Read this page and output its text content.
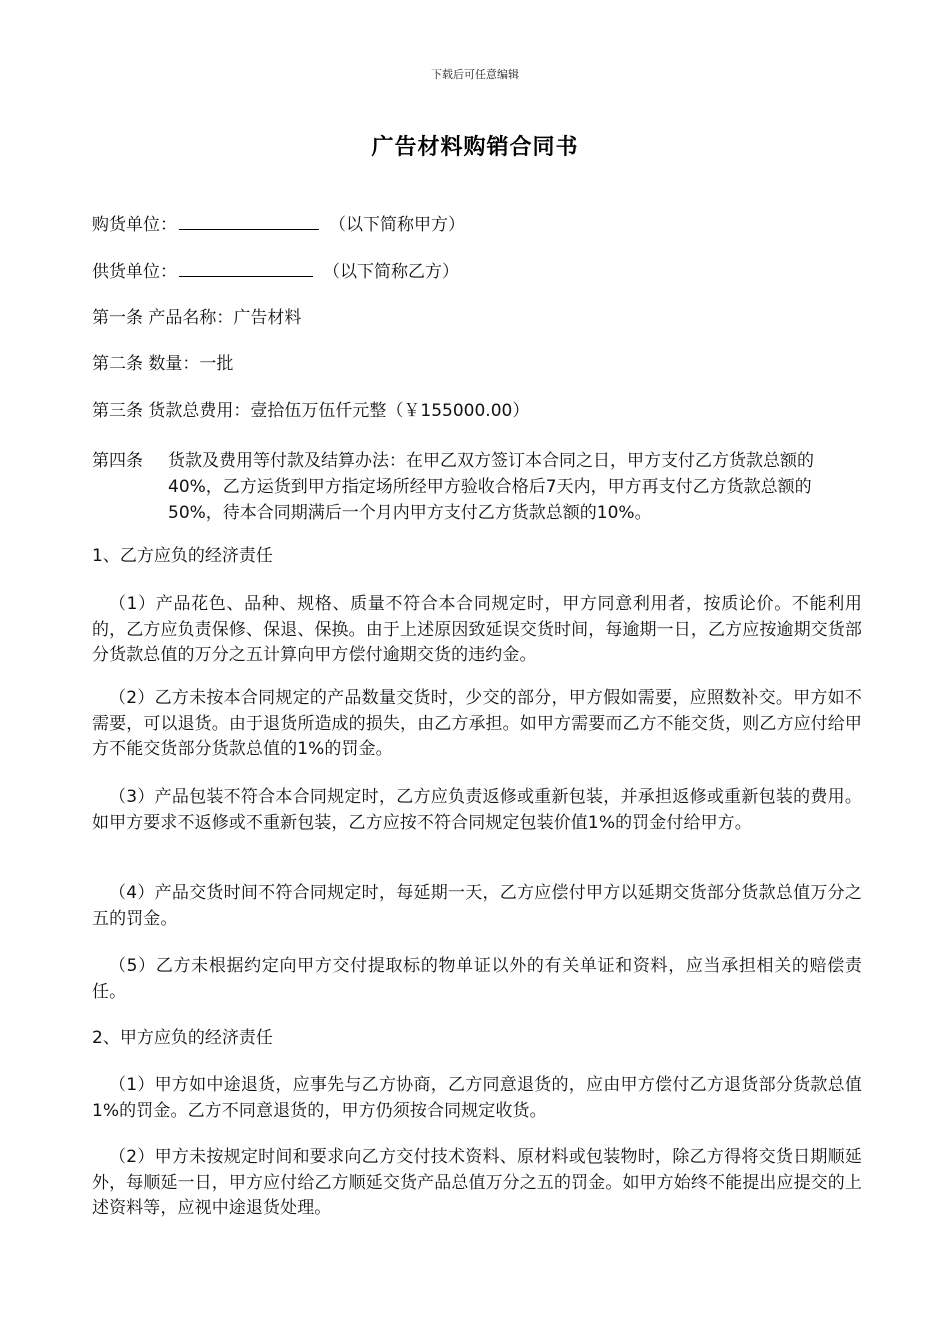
下载后可任意编辑
广告材料购销合同书
购货单位：	（以下简称甲方）
供货单位：	（以下简称乙方）
第一条 产品名称：广告材料
第二条 数量：一批
第三条 货款总费用：壹拾伍万伍仟元整（￥155000.00）
第四条 货款及费用等付款及结算办法：在甲乙双方签订本合同之日，甲方支付乙方货款总额的40%，乙方运货到甲方指定场所经甲方验收合格后7天内，甲方再支付乙方货款总额的50%，待本合同期满后一个月内甲方支付乙方货款总额的10%。
1、乙方应负的经济责任
（1）产品花色、品种、规格、质量不符合本合同规定时，甲方同意利用者，按质论价。不能利用的，乙方应负责保修、保退、保换。由于上述原因致延误交货时间，每逾期一日，乙方应按逾期交货部分货款总值的万分之五计算向甲方偿付逾期交货的违约金。
（2）乙方未按本合同规定的产品数量交货时，少交的部分，甲方假如需要，应照数补交。甲方如不需要，可以退货。由于退货所造成的损失，由乙方承担。如甲方需要而乙方不能交货，则乙方应付给甲方不能交货部分货款总值的1%的罚金。
（3）产品包装不符合本合同规定时，乙方应负责返修或重新包装，并承担返修或重新包装的费用。如甲方要求不返修或不重新包装，乙方应按不符合同规定包装价值1%的罚金付给甲方。
（4）产品交货时间不符合同规定时，每延期一天，乙方应偿付甲方以延期交货部分货款总值万分之五的罚金。
（5）乙方未根据约定向甲方交付提取标的物单证以外的有关单证和资料，应当承担相关的赔偿责任。
2、甲方应负的经济责任
（1）甲方如中途退货，应事先与乙方协商，乙方同意退货的，应由甲方偿付乙方退货部分货款总值1%的罚金。乙方不同意退货的，甲方仍须按合同规定收货。
（2）甲方未按规定时间和要求向乙方交付技术资料、原材料或包装物时，除乙方得将交货日期顺延外，每顺延一日，甲方应付给乙方顺延交货产品总值万分之五的罚金。如甲方始终不能提出应提交的上述资料等，应视中途退货处理。
